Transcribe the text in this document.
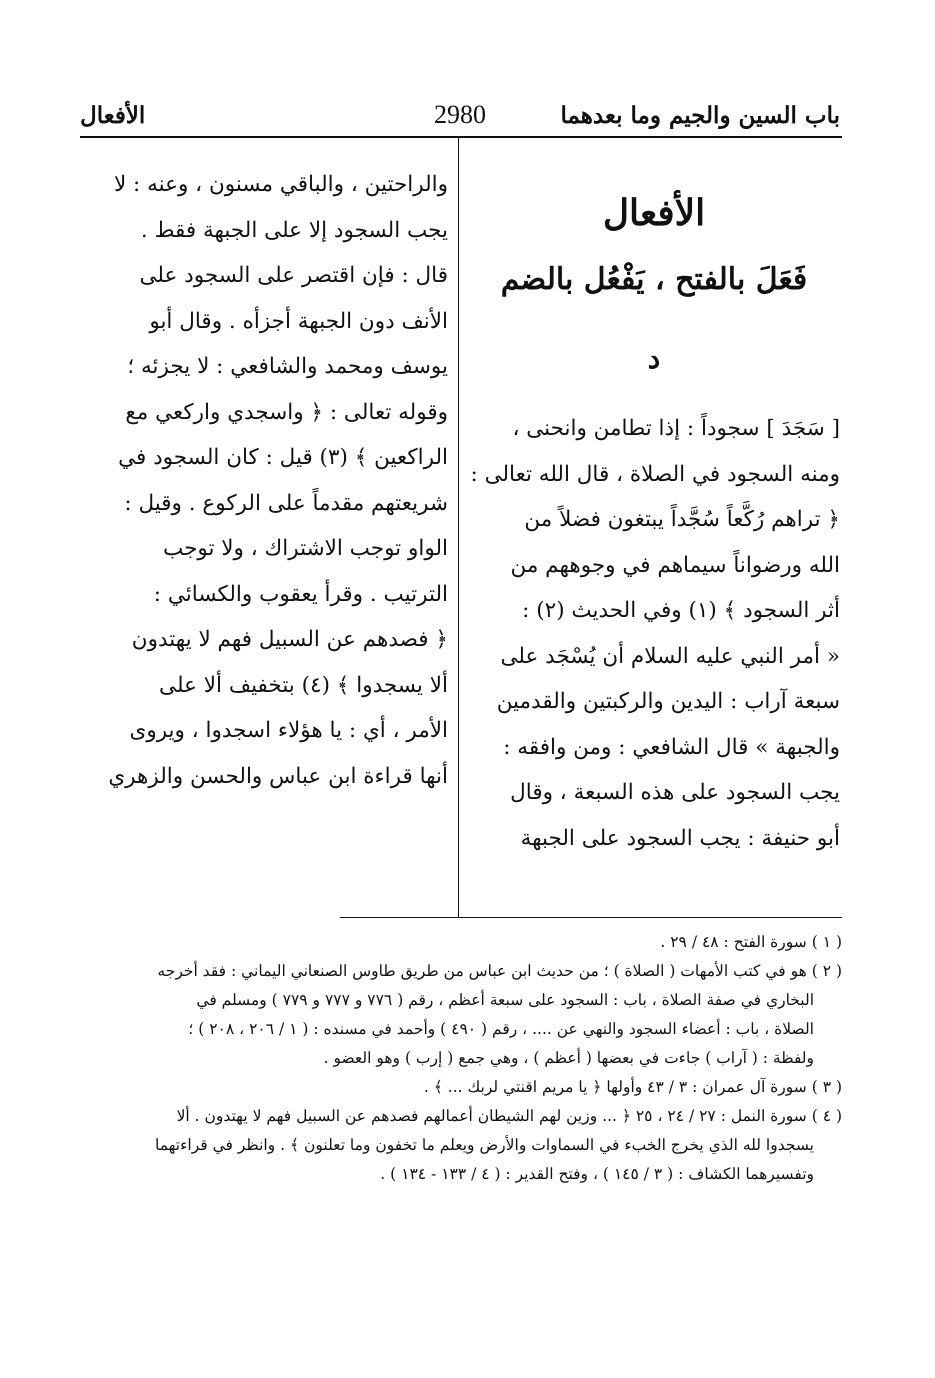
باب السين والجيم وما بعدهما
2980
الأفعال
الأفعال
فَعَلَ بالفتح ، يَفْعُل بالضم
د
[ سَجَدَ ] سجوداً : إذا تطامن وانحنى ،
ومنه السجود في الصلاة ، قال الله تعالى :
﴿ تراهم رُكَّعاً سُجَّداً يبتغون فضلاً من
الله ورضواناً سيماهم في وجوههم من
أثر السجود ﴾ (١) وفي الحديث (٢) :
« أمر النبي عليه السلام أن يُسْجَد على
سبعة آراب : اليدين والركبتين والقدمين
والجبهة » قال الشافعي : ومن وافقه :
يجب السجود على هذه السبعة ، وقال
أبو حنيفة : يجب السجود على الجبهة
والراحتين ، والباقي مسنون ، وعنه : لا
يجب السجود إلا على الجبهة فقط .
قال : فإن اقتصر على السجود على
الأنف دون الجبهة أجزأه . وقال أبو
يوسف ومحمد والشافعي : لا يجزئه ؛
وقوله تعالى : ﴿ واسجدي واركعي مع
الراكعين ﴾ (٣) قيل : كان السجود في
شريعتهم مقدماً على الركوع . وقيل :
الواو توجب الاشتراك ، ولا توجب
الترتيب . وقرأ يعقوب والكسائي :
﴿ فصدهم عن السبيل فهم لا يهتدون
ألا يسجدوا ﴾ (٤) بتخفيف ألا على
الأمر ، أي : يا هؤلاء اسجدوا ، ويروى
أنها قراءة ابن عباس والحسن والزهري
( ١ ) سورة الفتح : ٤٨ / ٢٩ .
( ٢ ) هو في كتب الأمهات ( الصلاة ) ؛ من حديث ابن عباس من طريق طاوس الصنعاني اليماني : فقد أخرجه
البخاري في صفة الصلاة ، باب : السجود على سبعة أعظم ، رقم ( ٧٧٦ و ٧٧٧ و ٧٧٩ ) ومسلم في
الصلاة ، باب : أعضاء السجود والنهي عن .... ، رقم ( ٤٩٠ ) وأحمد في مسنده : ( ١ / ٢٠٦ ، ٢٠٨ ) ؛
ولفظة : ( آراب ) جاءت في بعضها ( أعظم ) ، وهي جمع ( إرب ) وهو العضو .
( ٣ ) سورة آل عمران : ٣ / ٤٣ وأولها ﴿ يا مريم اقنتي لربك ... ﴾ .
( ٤ ) سورة النمل : ٢٧ / ٢٤ ، ٢٥ ﴿ ... وزين لهم الشيطان أعمالهم فصدهم عن السبيل فهم لا يهتدون . ألا
يسجدوا لله الذي يخرج الخبء في السماوات والأرض ويعلم ما تخفون وما تعلنون ﴾ . وانظر في قراءتهما
وتفسيرهما الكشاف : ( ٣ / ١٤٥ ) ، وفتح القدير : ( ٤ / ١٣٣ - ١٣٤ ) .
